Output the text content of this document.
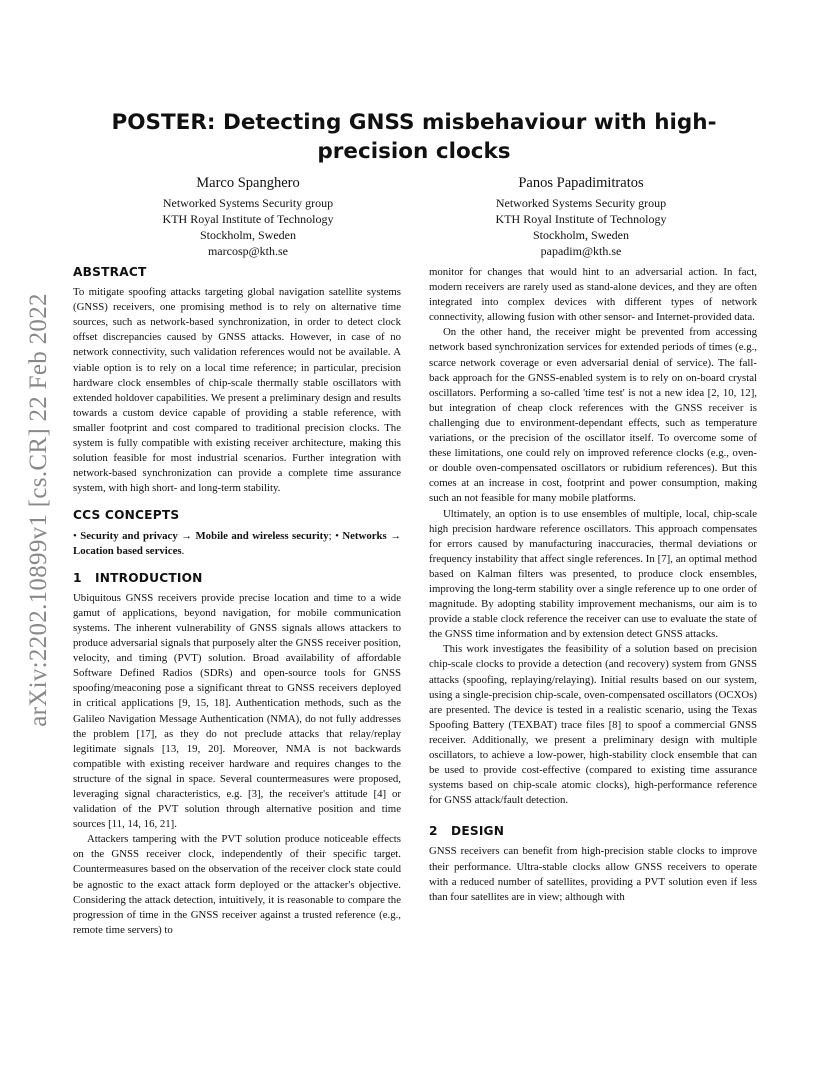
arXiv:2202.10899v1 [cs.CR] 22 Feb 2022
POSTER: Detecting GNSS misbehaviour with high-precision clocks
Marco Spanghero
Networked Systems Security group
KTH Royal Institute of Technology
Stockholm, Sweden
marcosp@kth.se
Panos Papadimitratos
Networked Systems Security group
KTH Royal Institute of Technology
Stockholm, Sweden
papadim@kth.se
ABSTRACT

To mitigate spoofing attacks targeting global navigation satellite systems (GNSS) receivers, one promising method is to rely on alternative time sources, such as network-based synchronization, in order to detect clock offset discrepancies caused by GNSS attacks. However, in case of no network connectivity, such validation references would not be available. A viable option is to rely on a local time reference; in particular, precision hardware clock ensembles of chip-scale thermally stable oscillators with extended holdover capabilities. We present a preliminary design and results towards a custom device capable of providing a stable reference, with smaller footprint and cost compared to traditional precision clocks. The system is fully compatible with existing receiver architecture, making this solution feasible for most industrial scenarios. Further integration with network-based synchronization can provide a complete time assurance system, with high short- and long-term stability.

CCS CONCEPTS

• Security and privacy → Mobile and wireless security; • Networks → Location based services.

1 INTRODUCTION

Ubiquitous GNSS receivers provide precise location and time to a wide gamut of applications, beyond navigation, for mobile communication systems. The inherent vulnerability of GNSS signals allows attackers to produce adversarial signals that purposely alter the GNSS receiver position, velocity, and timing (PVT) solution. Broad availability of affordable Software Defined Radios (SDRs) and open-source tools for GNSS spoofing/meaconing pose a significant threat to GNSS receivers deployed in critical applications [9, 15, 18]. Authentication methods, such as the Galileo Navigation Message Authentication (NMA), do not fully addresses the problem [17], as they do not preclude attacks that relay/replay legitimate signals [13, 19, 20]. Moreover, NMA is not backwards compatible with existing receiver hardware and requires changes to the structure of the signal in space. Several countermeasures were proposed, leveraging signal characteristics, e.g. [3], the receiver's attitude [4] or validation of the PVT solution through alternative position and time sources [11, 14, 16, 21].

Attackers tampering with the PVT solution produce noticeable effects on the GNSS receiver clock, independently of their specific target. Countermeasures based on the observation of the receiver clock state could be agnostic to the exact attack form deployed or the attacker's objective. Considering the attack detection, intuitively, it is reasonable to compare the progression of time in the GNSS receiver against a trusted reference (e.g., remote time servers) to

monitor for changes that would hint to an adversarial action. In fact, modern receivers are rarely used as stand-alone devices, and they are often integrated into complex devices with different types of network connectivity, allowing fusion with other sensor- and Internet-provided data.

On the other hand, the receiver might be prevented from accessing network based synchronization services for extended periods of times (e.g., scarce network coverage or even adversarial denial of service). The fall-back approach for the GNSS-enabled system is to rely on on-board crystal oscillators. Performing a so-called 'time test' is not a new idea [2, 10, 12], but integration of cheap clock references with the GNSS receiver is challenging due to environment-dependant effects, such as temperature variations, or the precision of the oscillator itself. To overcome some of these limitations, one could rely on improved reference clocks (e.g., oven- or double oven-compensated oscillators or rubidium references). But this comes at an increase in cost, footprint and power consumption, making such an not feasible for many mobile platforms.

Ultimately, an option is to use ensembles of multiple, local, chip-scale high precision hardware reference oscillators. This approach compensates for errors caused by manufacturing inaccuracies, thermal deviations or frequency instability that affect single references. In [7], an optimal method based on Kalman filters was presented, to produce clock ensembles, improving the long-term stability over a single reference up to one order of magnitude. By adopting stability improvement mechanisms, our aim is to provide a stable clock reference the receiver can use to evaluate the state of the GNSS time information and by extension detect GNSS attacks.

This work investigates the feasibility of a solution based on precision chip-scale clocks to provide a detection (and recovery) system from GNSS attacks (spoofing, replaying/relaying). Initial results based on our system, using a single-precision chip-scale, oven-compensated oscillators (OCXOs) are presented. The device is tested in a realistic scenario, using the Texas Spoofing Battery (TEXBAT) trace files [8] to spoof a commercial GNSS receiver. Additionally, we present a preliminary design with multiple oscillators, to achieve a low-power, high-stability clock ensemble that can be used to provide cost-effective (compared to existing time assurance systems based on chip-scale atomic clocks), high-performance reference for GNSS attack/fault detection.

2 DESIGN

GNSS receivers can benefit from high-precision stable clocks to improve their performance. Ultra-stable clocks allow GNSS receivers to operate with a reduced number of satellites, providing a PVT solution even if less than four satellites are in view; although with
